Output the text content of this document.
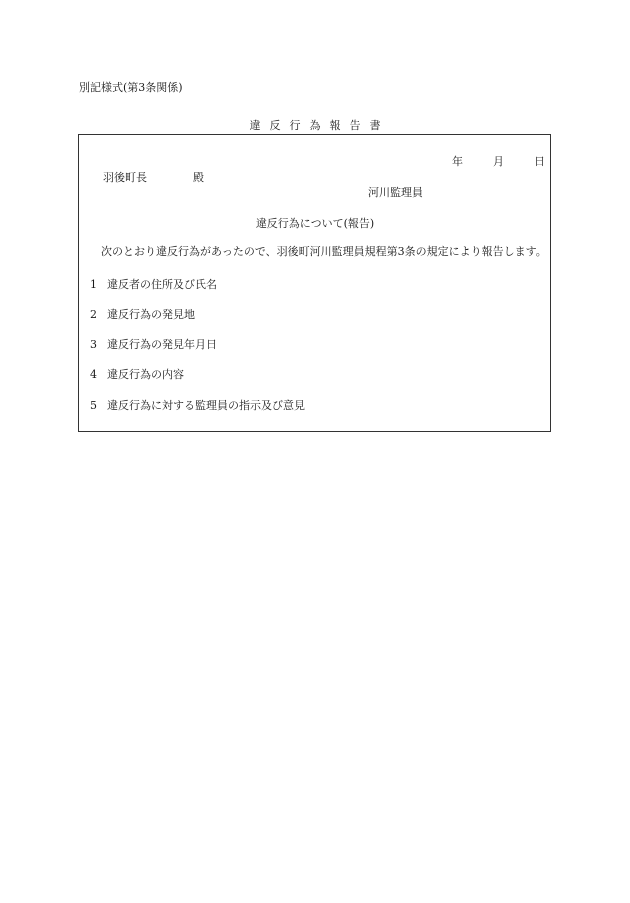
別記様式(第3条関係)
違反行為報告書
年	月	日
羽後町長	殿
河川監理員
違反行為について(報告)
次のとおり違反行為があったので、羽後町河川監理員規程第3条の規定により報告します。
1 違反者の住所及び氏名
2 違反行為の発見地
3 違反行為の発見年月日
4 違反行為の内容
5 違反行為に対する監理員の指示及び意見
